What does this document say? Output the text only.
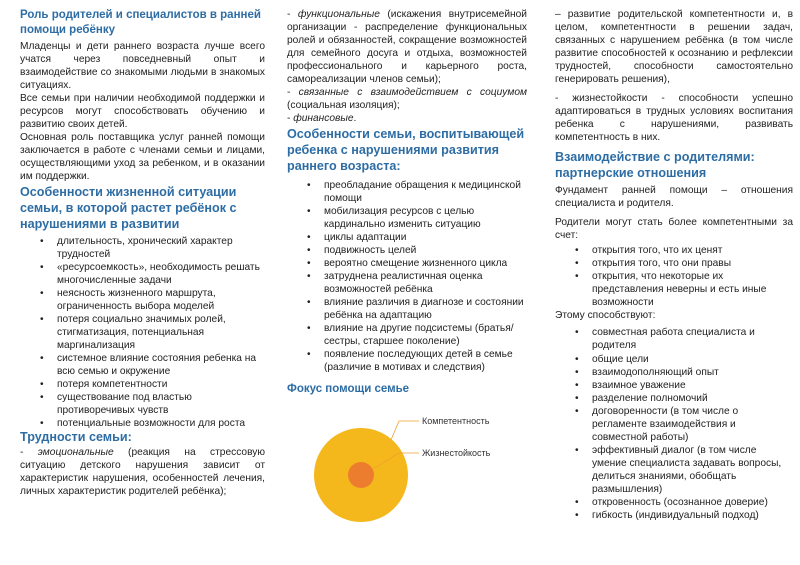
Роль родителей и специалистов в ранней помощи ребёнку

Младенцы и дети раннего возраста лучше всего учатся через повседневный опыт и взаимодействие со знакомыми людьми в знакомых ситуациях.

Все семьи при наличии необходимой поддержки и ресурсов могут способствовать обучению и развитию своих детей.

Основная роль поставщика услуг ранней помощи заключается в работе с членами семьи и лицами, осуществляющими уход за ребенком, и в оказании им поддержки.

Особенности жизненной ситуации семьи, в которой растет ребёнок с нарушениями в развитии
• длительность, хронический характер трудностей
• «ресурсоемкость», необходимость решать многочисленные задачи
• неясность жизненного маршрута, ограниченность выбора моделей
• потеря социально значимых ролей, стигматизация, потенциальная маргинализация
• системное влияние состояния ребенка на всю семью и окружение
• потеря компетентности
• существование под властью противоречивых чувств
• потенциальные возможности для роста
Трудности семьи:

- эмоциональные (реакция на стрессовую ситуацию детского нарушения зависит от характеристик нарушения, особенностей лечения, личных характеристик родителей ребёнка);

- функциональные (искажения внутрисемейной организации - распределение функциональных ролей и обязанностей, сокращение возможностей для семейного досуга и отдыха, возможностей профессионального и карьерного роста, самореализации членов семьи);

- связанные с взаимодействием с социумом (социальная изоляция);

- финансовые.

Особенности семьи, воспитывающей ребенка с нарушениями развития раннего возраста:
• преобладание обращения к медицинской помощи
• мобилизация ресурсов с целью кардинально изменить ситуацию
• циклы адаптации
• подвижность целей
• вероятно смещение жизненного цикла
• затруднена реалистичная оценка возможностей ребёнка
• влияние различия в диагнозе и состоянии ребёнка на адаптацию
• влияние на другие подсистемы (братья/сестры, старшее поколение)
• появление последующих детей в семье (различие в мотивах и следствия)
Фокус помощи семье
Компетентность
Жизнестойкость

– развитие родительской компетентности и, в целом, компетентности в решении задач, связанных с нарушением ребёнка (в том числе развитие способностей к осознанию и рефлексии трудностей, способности самостоятельно генерировать решения),

- жизнестойкости - способности успешно адаптироваться в трудных условиях воспитания ребенка с нарушениями, развивать компетентность в них.

Взаимодействие с родителями: партнерские отношения

Фундамент ранней помощи – отношения специалиста и родителя.

Родители могут стать более компетентными за счет:

• открытия того, что их ценят
• открытия того, что они правы
• открытия, что некоторые их представления неверны и есть иные возможности

Этому способствуют:

• совместная работа специалиста и родителя
• общие цели
• взаимодополняющий опыт
• взаимное уважение
• разделение полномочий
• договоренности (в том числе о регламенте взаимодействия и совместной работы)
• эффективный диалог (в том числе умение специалиста задавать вопросы, делиться знаниями, обобщать размышления)
• откровенность (осознанное доверие)
• гибкость (индивидуальный подход)
